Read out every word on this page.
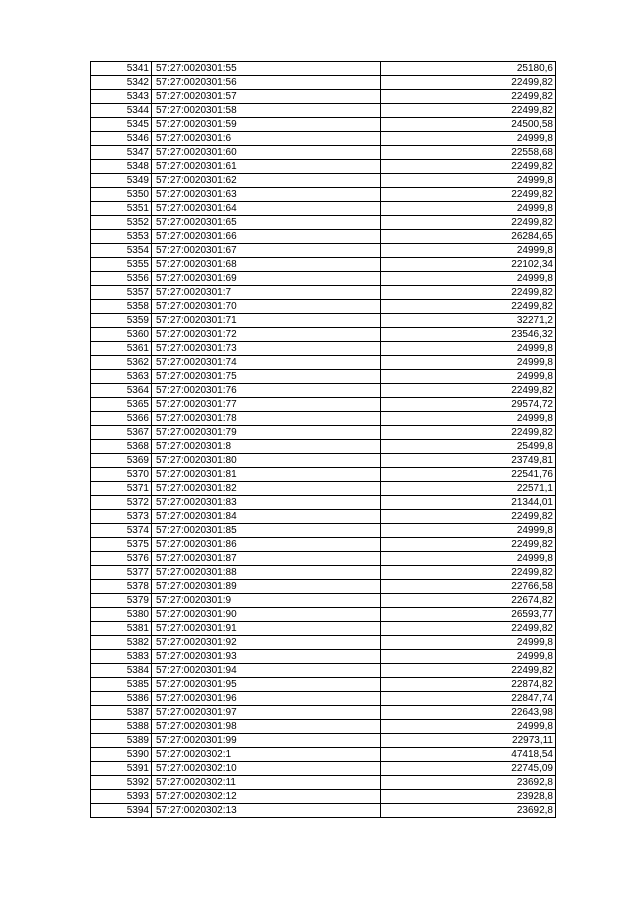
5341	57:27:0020301:55	25180,6
5342	57:27:0020301:56	22499,82
5343	57:27:0020301:57	22499,82
5344	57:27:0020301:58	22499,82
5345	57:27:0020301:59	24500,58
5346	57:27:0020301:6	24999,8
5347	57:27:0020301:60	22558,68
5348	57:27:0020301:61	22499,82
5349	57:27:0020301:62	24999,8
5350	57:27:0020301:63	22499,82
5351	57:27:0020301:64	24999,8
5352	57:27:0020301:65	22499,82
5353	57:27:0020301:66	26284,65
5354	57:27:0020301:67	24999,8
5355	57:27:0020301:68	22102,34
5356	57:27:0020301:69	24999,8
5357	57:27:0020301:7	22499,82
5358	57:27:0020301:70	22499,82
5359	57:27:0020301:71	32271,2
5360	57:27:0020301:72	23546,32
5361	57:27:0020301:73	24999,8
5362	57:27:0020301:74	24999,8
5363	57:27:0020301:75	24999,8
5364	57:27:0020301:76	22499,82
5365	57:27:0020301:77	29574,72
5366	57:27:0020301:78	24999,8
5367	57:27:0020301:79	22499,82
5368	57:27:0020301:8	25499,8
5369	57:27:0020301:80	23749,81
5370	57:27:0020301:81	22541,76
5371	57:27:0020301:82	22571,1
5372	57:27:0020301:83	21344,01
5373	57:27:0020301:84	22499,82
5374	57:27:0020301:85	24999,8
5375	57:27:0020301:86	22499,82
5376	57:27:0020301:87	24999,8
5377	57:27:0020301:88	22499,82
5378	57:27:0020301:89	22766,58
5379	57:27:0020301:9	22674,82
5380	57:27:0020301:90	26593,77
5381	57:27:0020301:91	22499,82
5382	57:27:0020301:92	24999,8
5383	57:27:0020301:93	24999,8
5384	57:27:0020301:94	22499,82
5385	57:27:0020301:95	22874,82
5386	57:27:0020301:96	22847,74
5387	57:27:0020301:97	22643,98
5388	57:27:0020301:98	24999,8
5389	57:27:0020301:99	22973,11
5390	57:27:0020302:1	47418,54
5391	57:27:0020302:10	22745,09
5392	57:27:0020302:11	23692,8
5393	57:27:0020302:12	23928,8
5394	57:27:0020302:13	23692,8
